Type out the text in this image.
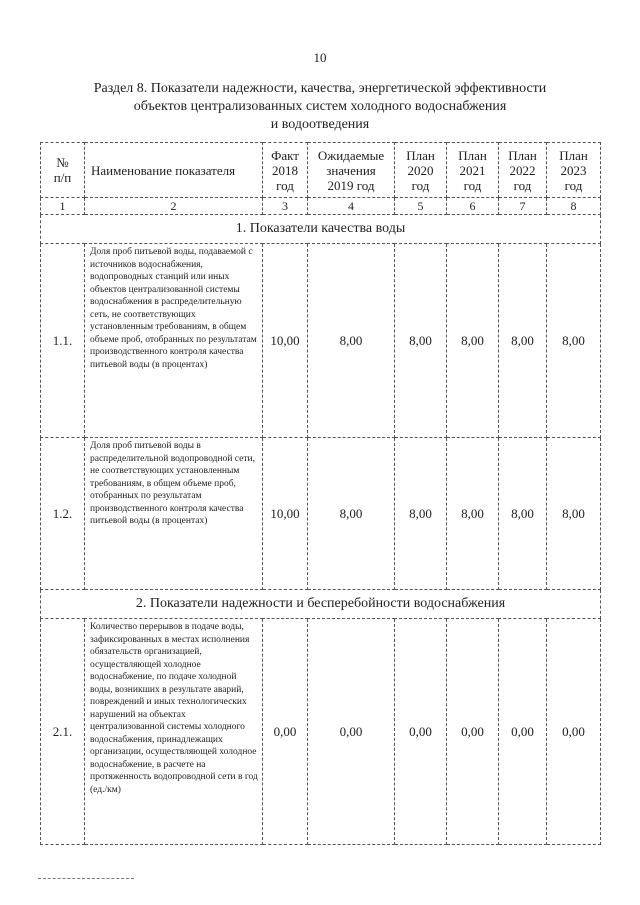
10
Раздел 8. Показатели надежности, качества, энергетической эффективности
объектов централизованных систем холодного водоснабжения
и водоотведения
№
п/п	Наименование показателя	Факт
2018
год	Ожидаемые
значения
2019 год	План
2020
год	План
2021
год	План
2022
год	План
2023
год
1	2	3	4	5	6	7	8
1. Показатели качества воды							
1.1.	Доля проб питьевой воды, подаваемой с источников водоснабжения, водопроводных станций или иных объектов централизованной системы водоснабжения в распределительную сеть, не соответствующих установленным требованиям, в общем объеме проб, отобранных по результатам производственного контроля качества питьевой воды (в процентах)	10,00	8,00	8,00	8,00	8,00	8,00
1.2.	Доля проб питьевой воды в распределительной водопроводной сети, не соответствующих установленным требованиям, в общем объеме проб, отобранных по результатам производственного контроля качества питьевой воды (в процентах)	10,00	8,00	8,00	8,00	8,00	8,00
2. Показатели надежности и бесперебойности водоснабжения							
2.1.	Количество перерывов в подаче воды, зафиксированных в местах исполнения обязательств организацией, осуществляющей холодное водоснабжение, по подаче холодной воды, возникших в результате аварий, повреждений и иных технологических нарушений на объектах централизованной системы холодного водоснабжения, принадлежащих организации, осуществляющей холодное водоснабжение, в расчете на протяженность водопроводной сети в год (ед./км)	0,00	0,00	0,00	0,00	0,00	0,00
